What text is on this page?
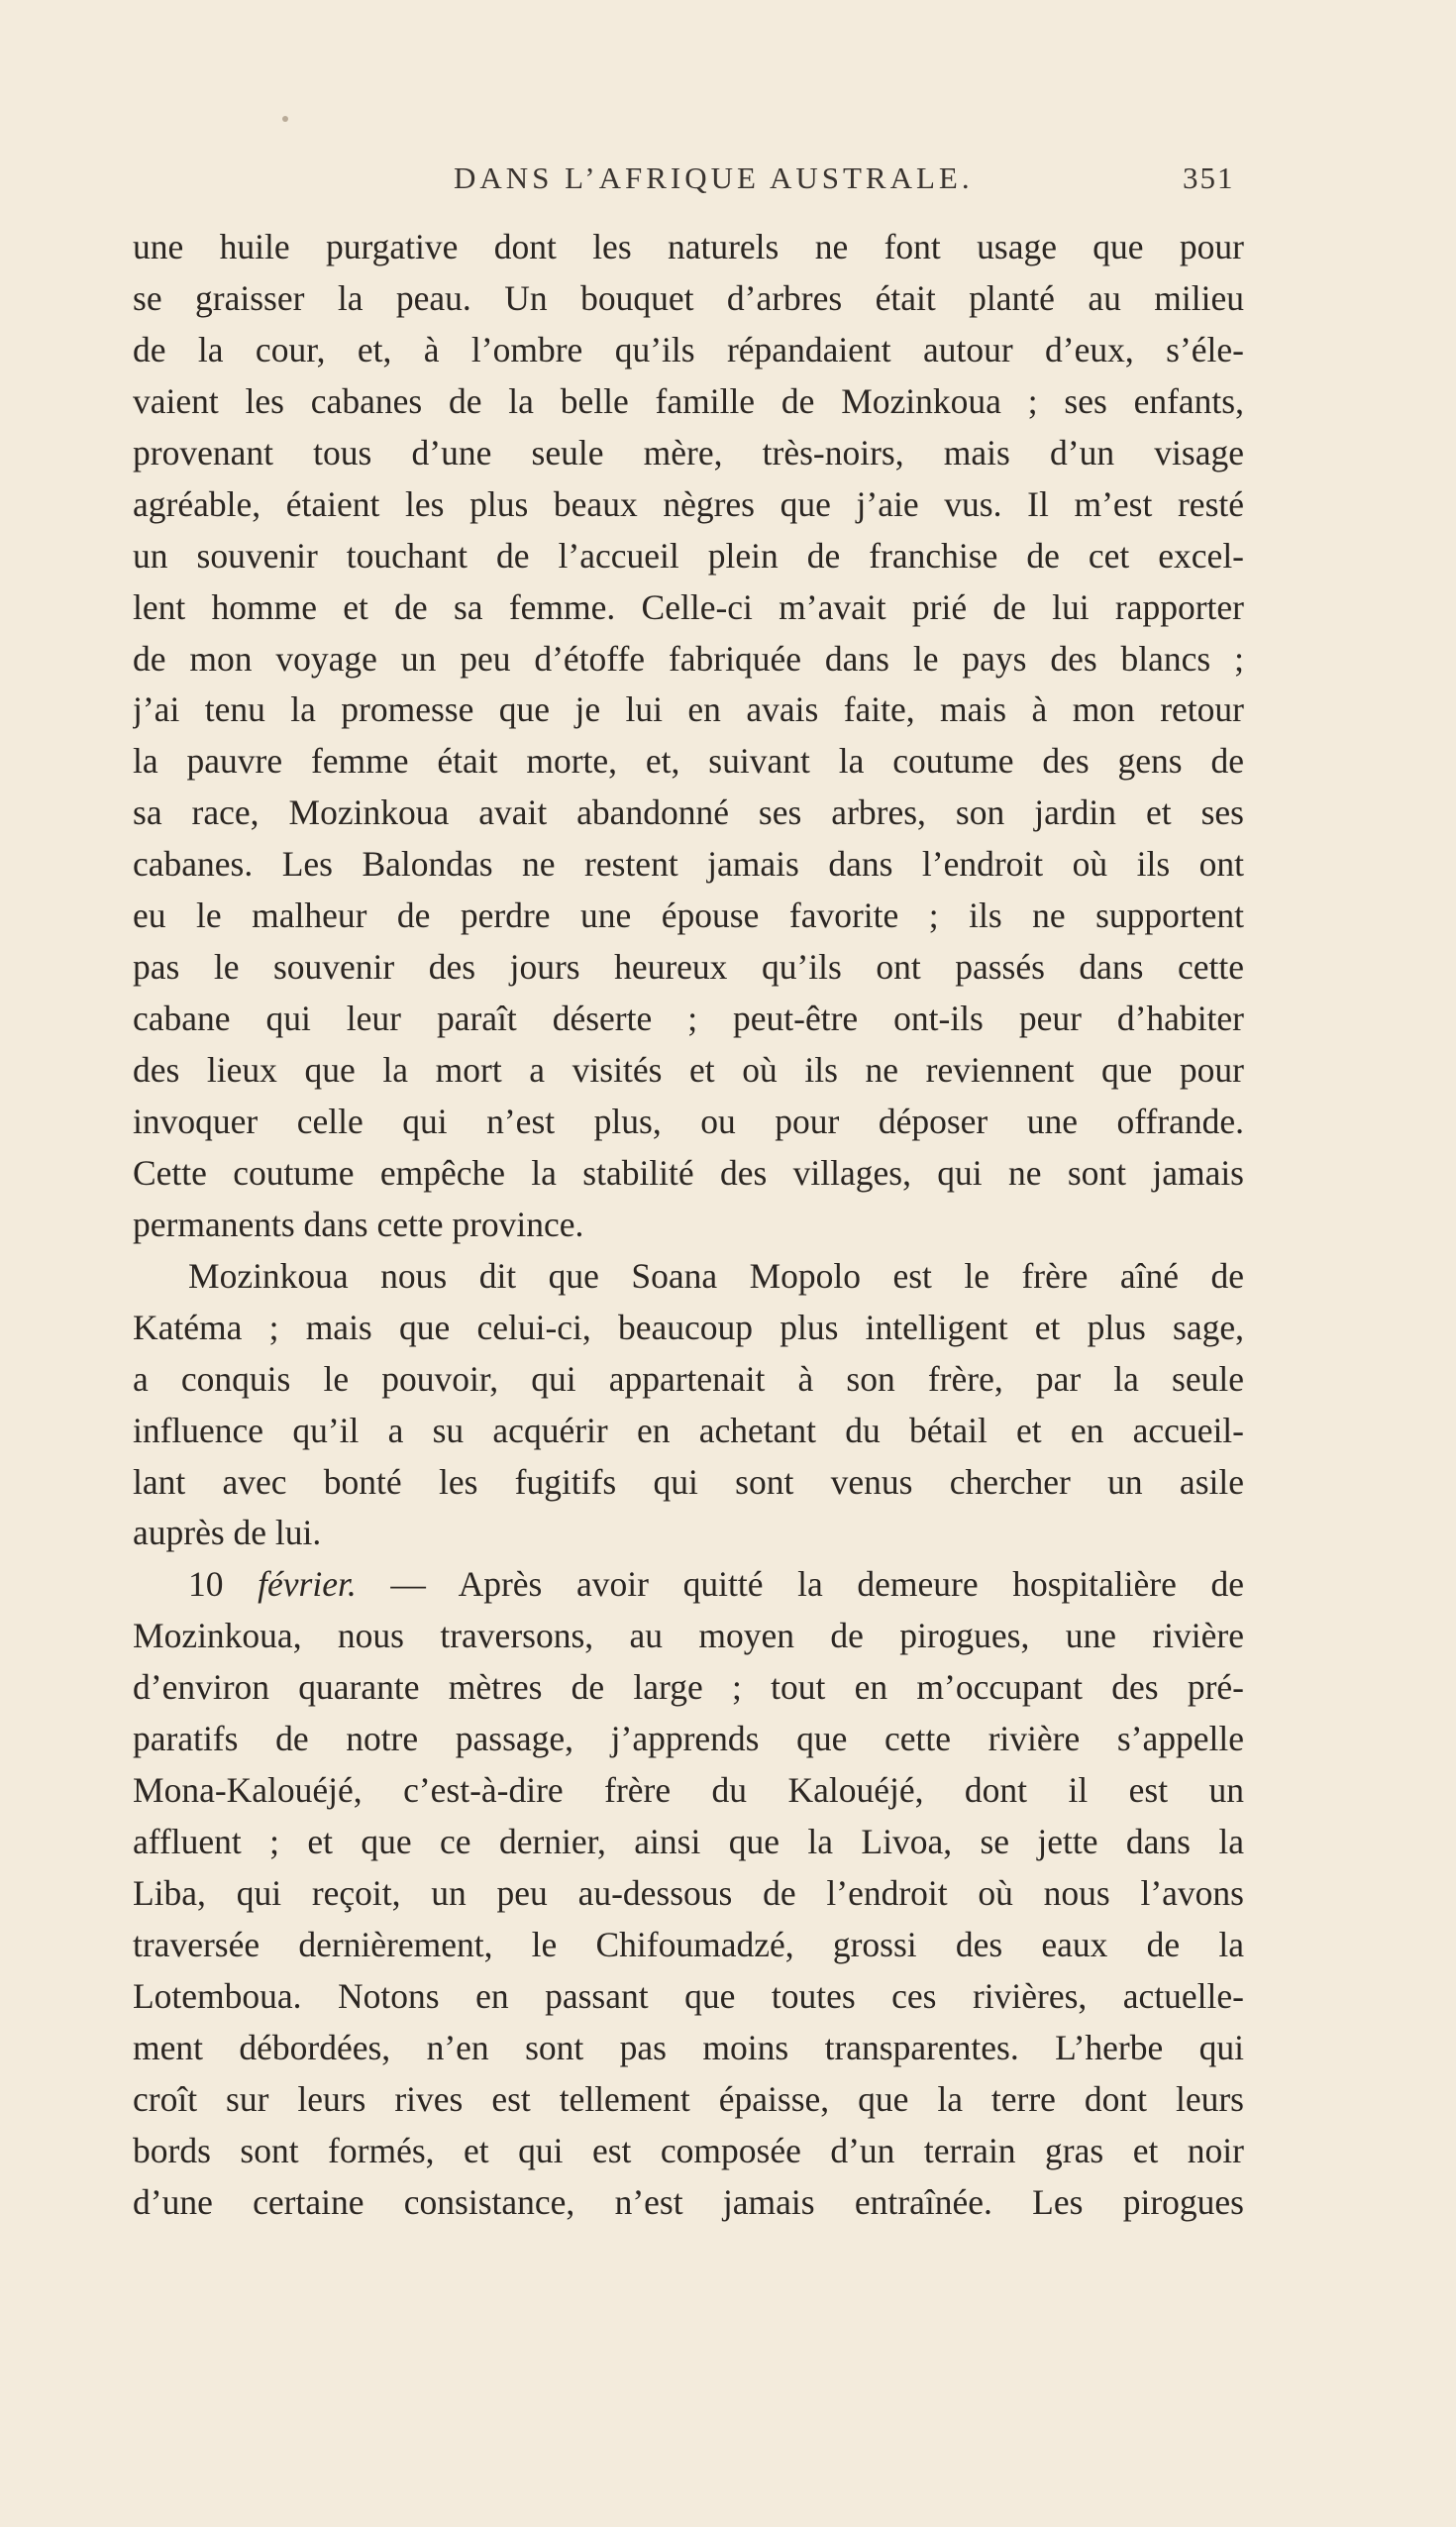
DANS L’AFRIQUE AUSTRALE.	351
une huile purgative dont les naturels ne font usage que pour
se graisser la peau. Un bouquet d’arbres était planté au milieu
de la cour, et, à l’ombre qu’ils répandaient autour d’eux, s’éle-
vaient les cabanes de la belle famille de Mozinkoua ; ses enfants,
provenant tous d’une seule mère, très-noirs, mais d’un visage
agréable, étaient les plus beaux nègres que j’aie vus. Il m’est resté
un souvenir touchant de l’accueil plein de franchise de cet excel-
lent homme et de sa femme. Celle-ci m’avait prié de lui rapporter
de mon voyage un peu d’étoffe fabriquée dans le pays des blancs ;
j’ai tenu la promesse que je lui en avais faite, mais à mon retour
la pauvre femme était morte, et, suivant la coutume des gens de
sa race, Mozinkoua avait abandonné ses arbres, son jardin et ses
cabanes. Les Balondas ne restent jamais dans l’endroit où ils ont
eu le malheur de perdre une épouse favorite ; ils ne supportent
pas le souvenir des jours heureux qu’ils ont passés dans cette
cabane qui leur paraît déserte ; peut-être ont-ils peur d’habiter
des lieux que la mort a visités et où ils ne reviennent que pour
invoquer celle qui n’est plus, ou pour déposer une offrande.
Cette coutume empêche la stabilité des villages, qui ne sont jamais
permanents dans cette province.
Mozinkoua nous dit que Soana Mopolo est le frère aîné de
Katéma ; mais que celui-ci, beaucoup plus intelligent et plus sage,
a conquis le pouvoir, qui appartenait à son frère, par la seule
influence qu’il a su acquérir en achetant du bétail et en accueil-
lant avec bonté les fugitifs qui sont venus chercher un asile
auprès de lui.
10 février. — Après avoir quitté la demeure hospitalière de
Mozinkoua, nous traversons, au moyen de pirogues, une rivière
d’environ quarante mètres de large ; tout en m’occupant des pré-
paratifs de notre passage, j’apprends que cette rivière s’appelle
Mona-Kalouéjé, c’est-à-dire frère du Kalouéjé, dont il est un
affluent ; et que ce dernier, ainsi que la Livoa, se jette dans la
Liba, qui reçoit, un peu au-dessous de l’endroit où nous l’avons
traversée dernièrement, le Chifoumadzé, grossi des eaux de la
Lotemboua. Notons en passant que toutes ces rivières, actuelle-
ment débordées, n’en sont pas moins transparentes. L’herbe qui
croît sur leurs rives est tellement épaisse, que la terre dont leurs
bords sont formés, et qui est composée d’un terrain gras et noir
d’une certaine consistance, n’est jamais entraînée. Les pirogues
